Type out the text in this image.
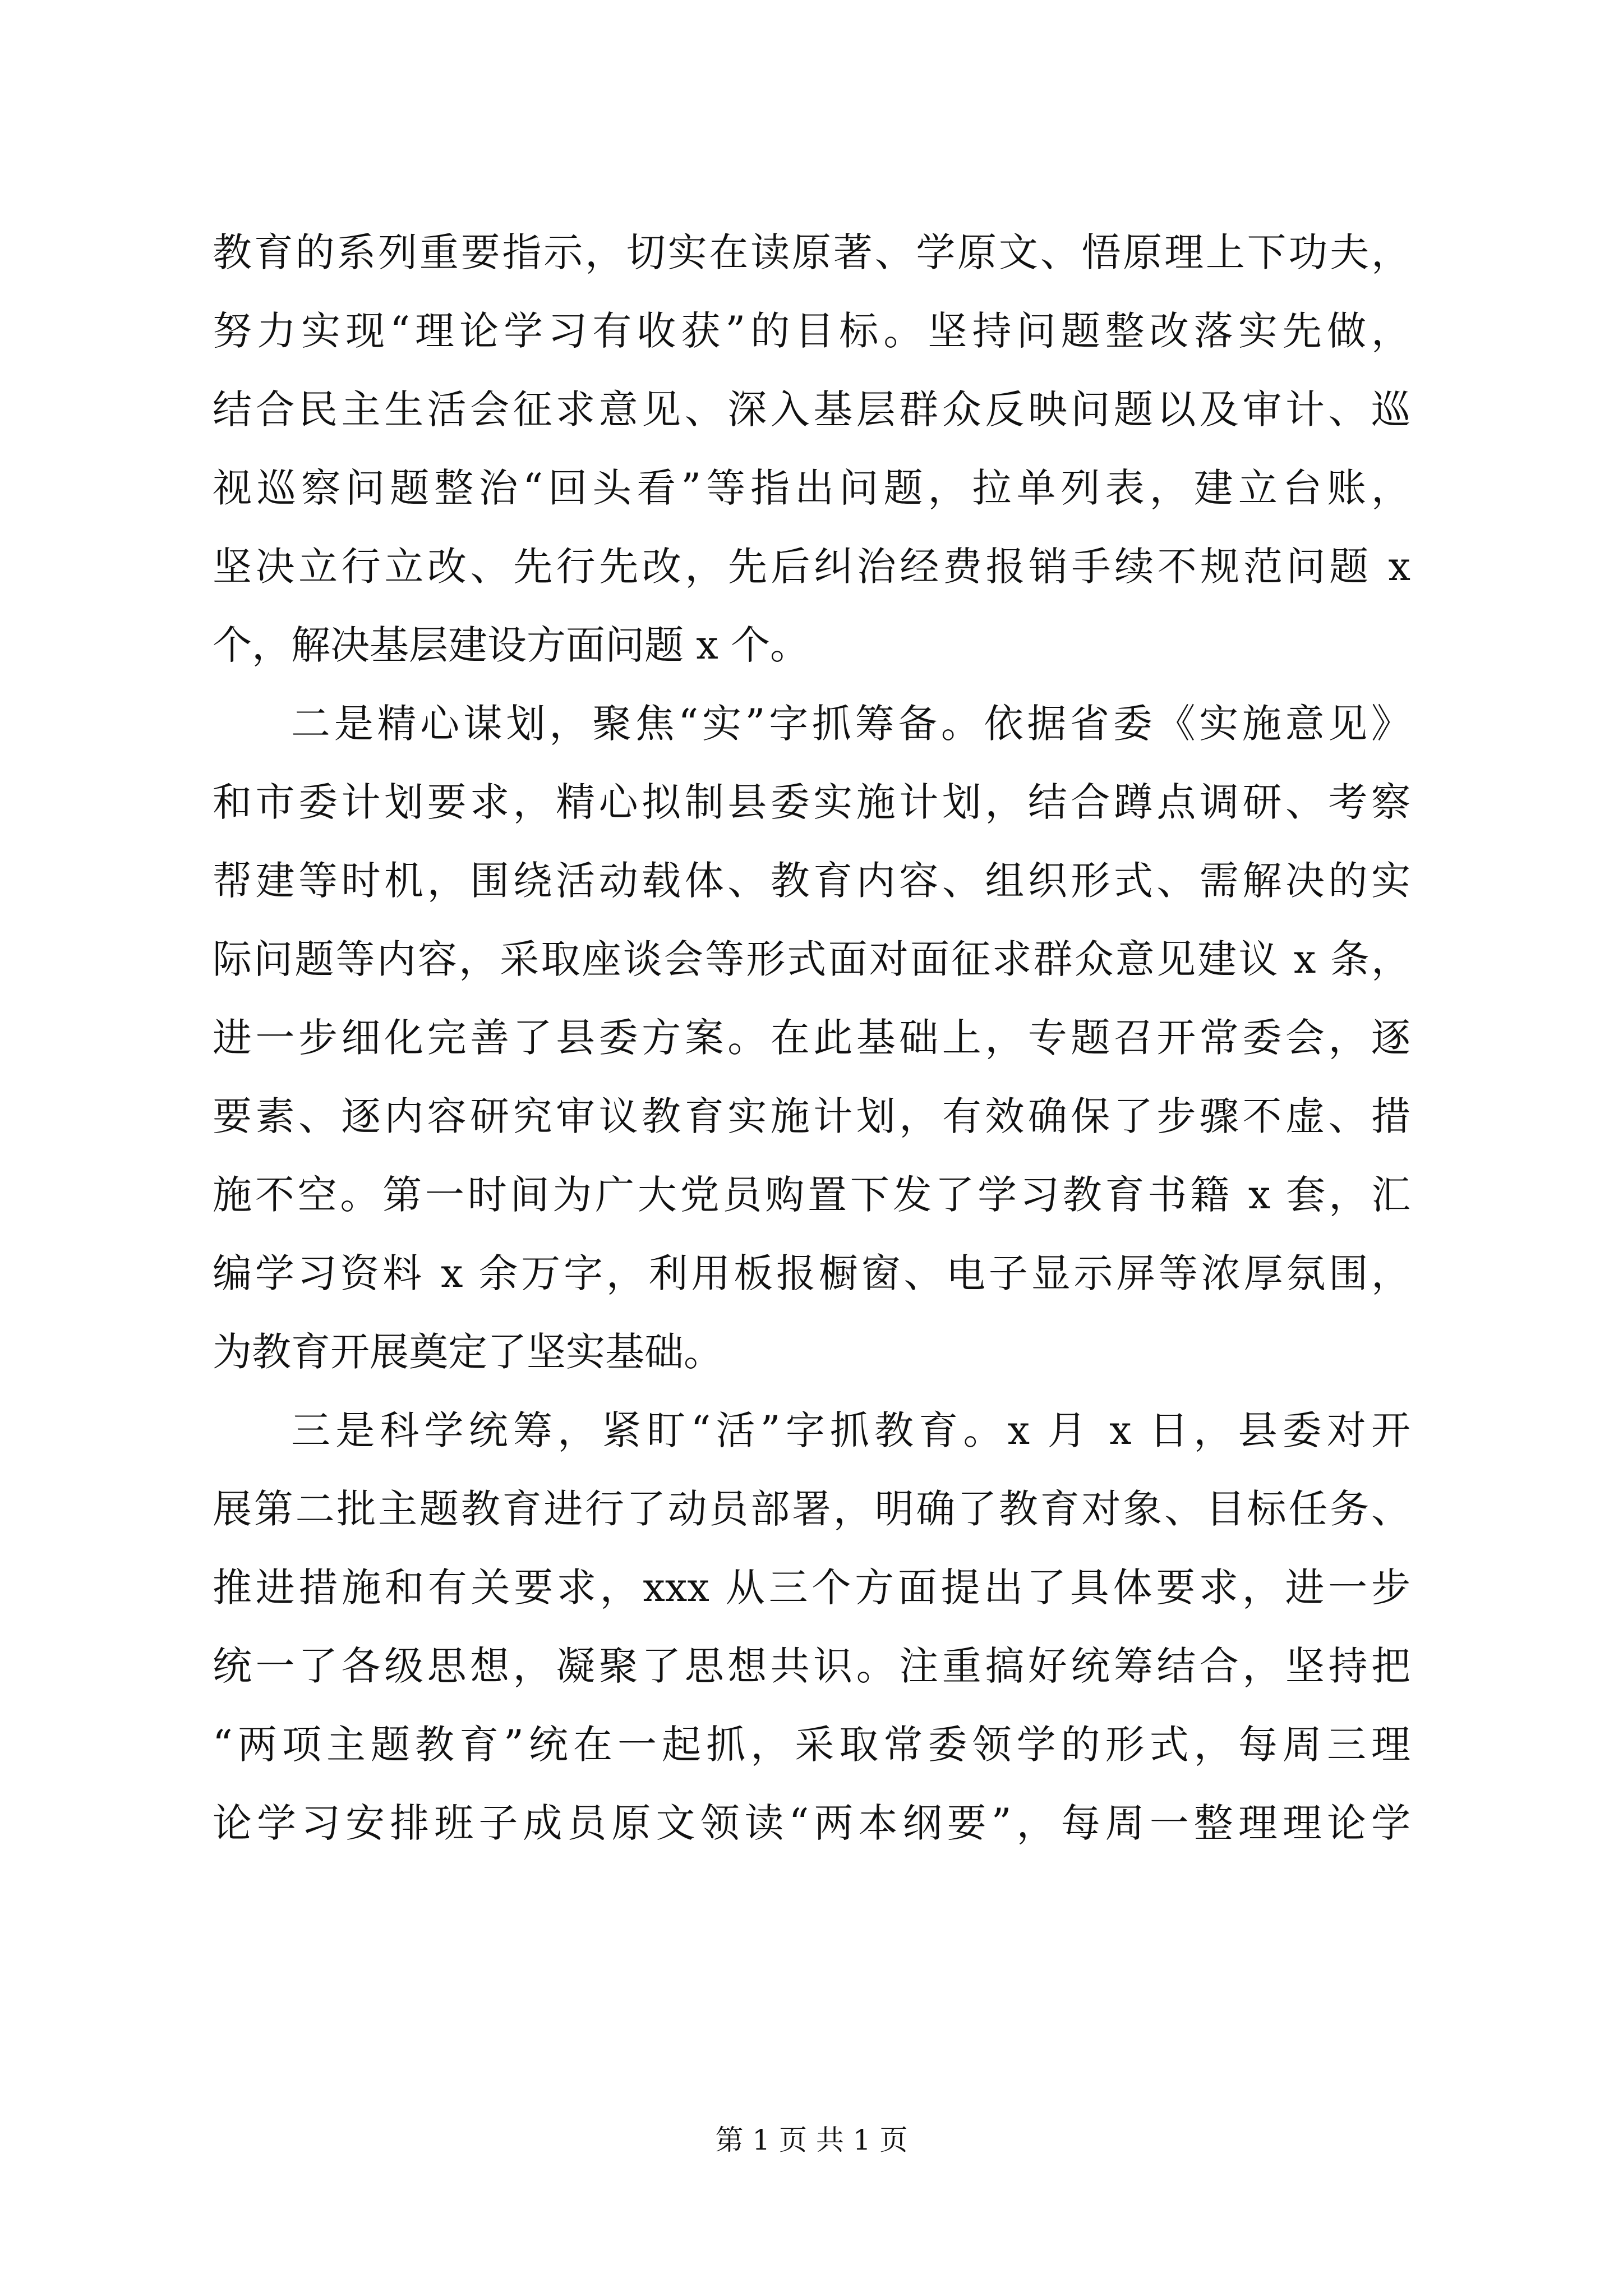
教育的系列重要指示，切实在读原著、学原文、悟原理上下功夫，
努力实现“理论学习有收获”的目标。坚持问题整改落实先做，
结合民主生活会征求意见、深入基层群众反映问题以及审计、巡
视巡察问题整治“回头看”等指出问题，拉单列表，建立台账，
坚决立行立改、先行先改，先后纠治经费报销手续不规范问题 x
个，解决基层建设方面问题 x 个。
二是精心谋划，聚焦“实”字抓筹备。依据省委《实施意见》
和市委计划要求，精心拟制县委实施计划，结合蹲点调研、考察
帮建等时机，围绕活动载体、教育内容、组织形式、需解决的实
际问题等内容，采取座谈会等形式面对面征求群众意见建议 x 条，
进一步细化完善了县委方案。在此基础上，专题召开常委会，逐
要素、逐内容研究审议教育实施计划，有效确保了步骤不虚、措
施不空。第一时间为广大党员购置下发了学习教育书籍 x 套，汇
编学习资料 x 余万字，利用板报橱窗、电子显示屏等浓厚氛围，
为教育开展奠定了坚实基础。
三是科学统筹，紧盯“活”字抓教育。x 月 x 日，县委对开
展第二批主题教育进行了动员部署，明确了教育对象、目标任务、
推进措施和有关要求，xxx 从三个方面提出了具体要求，进一步
统一了各级思想，凝聚了思想共识。注重搞好统筹结合，坚持把
“两项主题教育”统在一起抓，采取常委领学的形式，每周三理
论学习安排班子成员原文领读“两本纲要”，每周一整理理论学
第 1 页 共 1 页
